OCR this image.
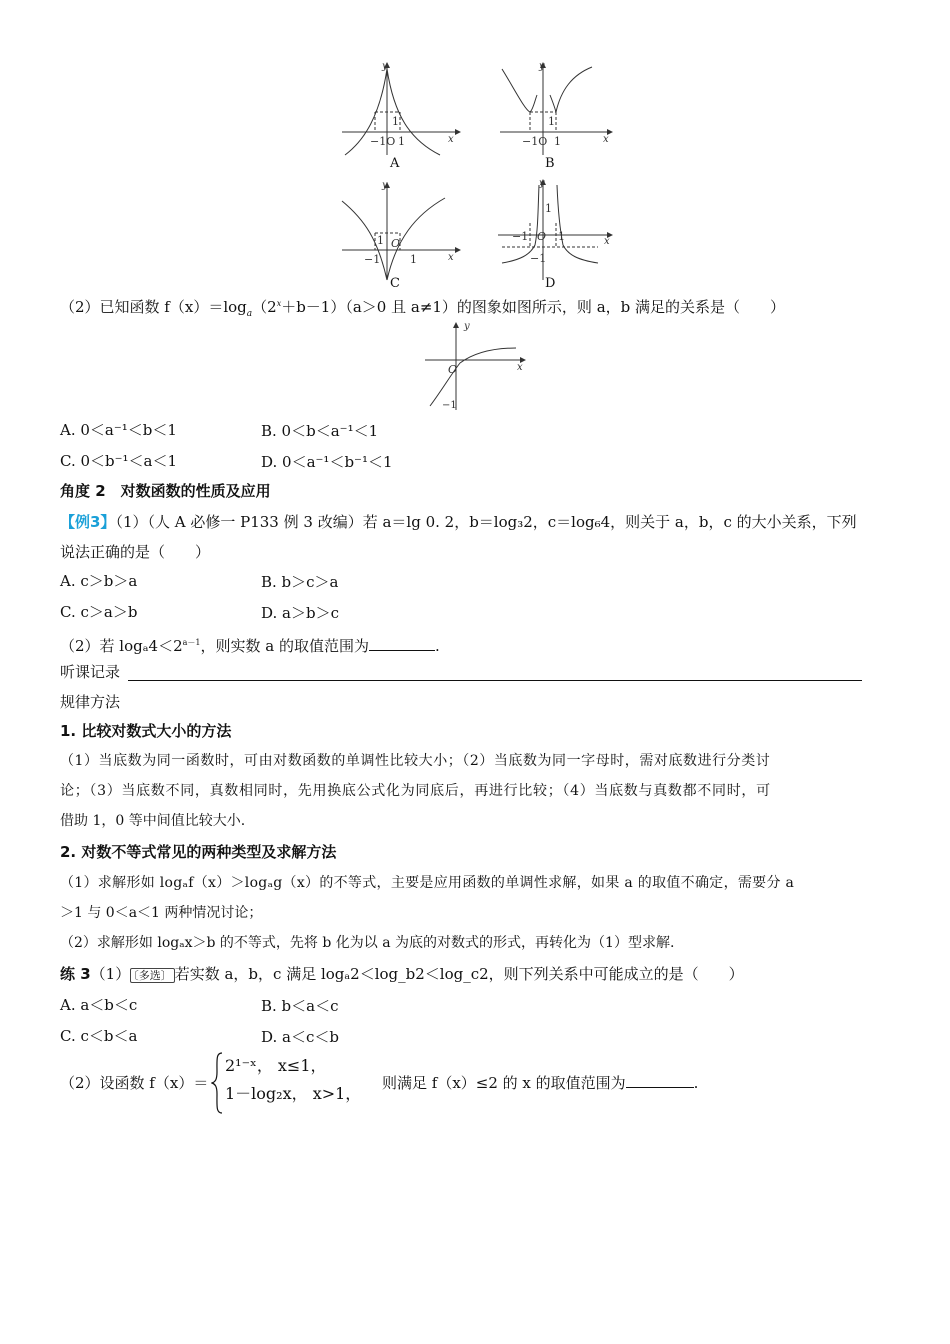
−1O 1
1
y
x
A
−1O 1
1
y
x
B
−1	1
1 O
y
x
C
−1
−1
1
1
O
y
x
D
（2）已知函数 $f(x)=\log_a(2^x+b-1)(a>0$ 且 a≠1）的图象如图所示，则 a，b 满足的关系是（　　）
O
−1
y
x
A. 0＜a⁻¹＜b＜1	B. 0＜b＜a⁻¹＜1
C. 0＜b⁻¹＜a＜1	D. 0＜a⁻¹＜b⁻¹＜1
角度 2　对数函数的性质及应用
【例3】（1）（人 A 必修一 P133 例 3 改编）若 a＝lg 0. 2，b＝log₃2，c＝log₆4，则关于 a，b，c 的大小关系，下列
说法正确的是（　　）
A. c＞b＞a	B. b＞c＞a
C. c＞a＞b	D. a＞b＞c
（2）若 $\log_a4<2^{a-1}$，则实数 a 的取值范围为	.
听课记录
规律方法
1. 比较对数式大小的方法
（1）当底数为同一函数时，可由对数函数的单调性比较大小；（2）当底数为同一字母时，需对底数进行分类讨
论；（3）当底数不同，真数相同时，先用换底公式化为同底后，再进行比较；（4）当底数与真数都不同时，可
借助 1，0 等中间值比较大小.
2. 对数不等式常见的两种类型及求解方法
（1）求解形如 logₐf（x）＞logₐg（x）的不等式，主要是应用函数的单调性求解，如果 a 的取值不确定，需要分 a
＞1 与 0＜a＜1 两种情况讨论；
（2）求解形如 logₐx＞b 的不等式，先将 b 化为以 a 为底的对数式的形式，再转化为（1）型求解.
练 3（1） 〔多选〕 若实数 a，b，c 满足 logₐ2＜log_b2＜log_c2，则下列关系中可能成立的是（　　）
A. a＜b＜c	B. b＜a＜c
C. c＜b＜a	D. a＜c＜b
（2）设函数 f（x）＝
2¹⁻ˣ， x≤1，
1－log₂x， x>1，
则满足 f（x）≤2 的 x 的取值范围为	.
